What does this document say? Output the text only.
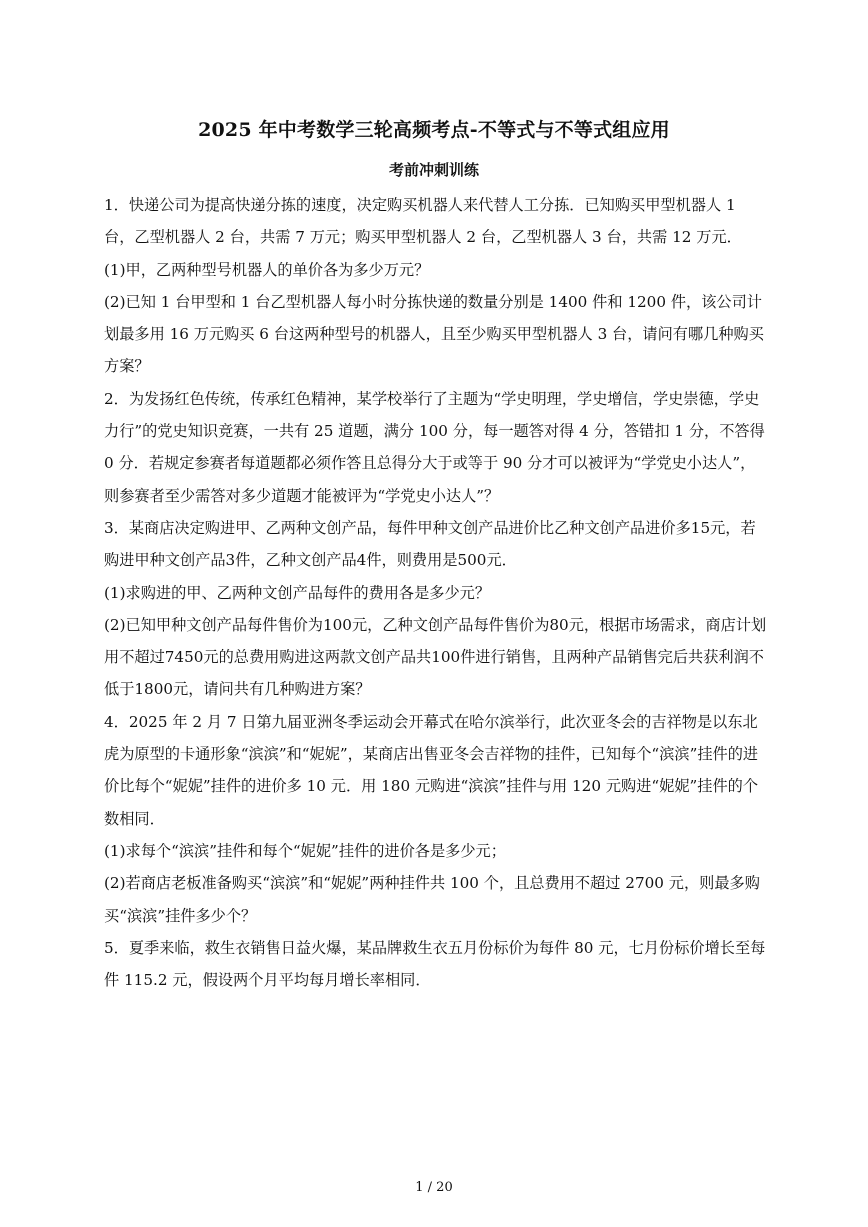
2025 年中考数学三轮高频考点-不等式与不等式组应用
考前冲刺训练

1．快递公司为提高快递分拣的速度，决定购买机器人来代替人工分拣．已知购买甲型机器人 1 台，乙型机器人 2 台，共需 7 万元；购买甲型机器人 2 台，乙型机器人 3 台，共需 12 万元．

(1)甲，乙两种型号机器人的单价各为多少万元？

(2)已知 1 台甲型和 1 台乙型机器人每小时分拣快递的数量分别是 1400 件和 1200 件，该公司计划最多用 16 万元购买 6 台这两种型号的机器人，且至少购买甲型机器人 3 台，请问有哪几种购买方案？

2．为发扬红色传统，传承红色精神，某学校举行了主题为“学史明理，学史增信，学史崇德，学史力行”的党史知识竞赛，一共有 25 道题，满分 100 分，每一题答对得 4 分，答错扣 1 分，不答得 0 分．若规定参赛者每道题都必须作答且总得分大于或等于 90 分才可以被评为“学党史小达人”，则参赛者至少需答对多少道题才能被评为“学党史小达人”？

3．某商店决定购进甲、乙两种文创产品，每件甲种文创产品进价比乙种文创产品进价多15元，若购进甲种文创产品3件，乙种文创产品4件，则费用是500元．

(1)求购进的甲、乙两种文创产品每件的费用各是多少元？

(2)已知甲种文创产品每件售价为100元，乙种文创产品每件售价为80元，根据市场需求，商店计划用不超过7450元的总费用购进这两款文创产品共100件进行销售，且两种产品销售完后共获利润不低于1800元，请问共有几种购进方案？

4．2025 年 2 月 7 日第九届亚洲冬季运动会开幕式在哈尔滨举行，此次亚冬会的吉祥物是以东北虎为原型的卡通形象“滨滨”和“妮妮”，某商店出售亚冬会吉祥物的挂件，已知每个“滨滨”挂件的进价比每个“妮妮”挂件的进价多 10 元．用 180 元购进“滨滨”挂件与用 120 元购进“妮妮”挂件的个数相同．

(1)求每个“滨滨”挂件和每个“妮妮”挂件的进价各是多少元；

(2)若商店老板准备购买“滨滨”和“妮妮”两种挂件共 100 个，且总费用不超过 2700 元，则最多购买“滨滨”挂件多少个？

5．夏季来临，救生衣销售日益火爆，某品牌救生衣五月份标价为每件 80 元，七月份标价增长至每件 115.2 元，假设两个月平均每月增长率相同．

1 / 20
